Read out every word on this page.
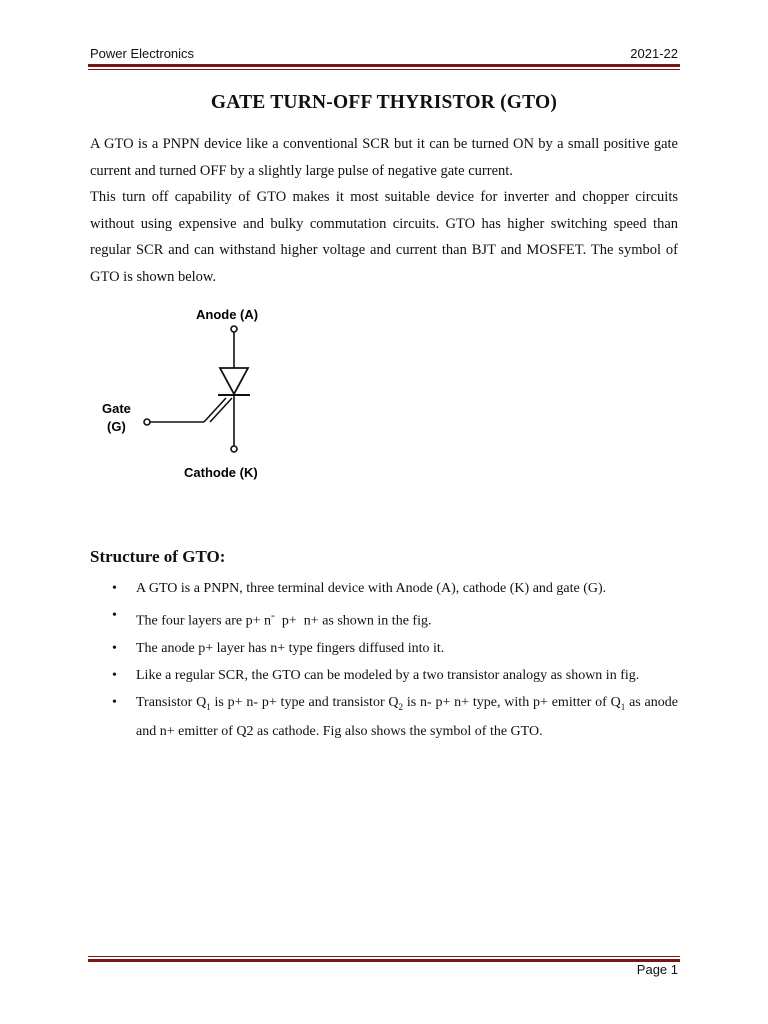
Power Electronics	2021-22
GATE TURN-OFF THYRISTOR (GTO)

A GTO is a PNPN device like a conventional SCR but it can be turned ON by a small positive gate current and turned OFF by a slightly large pulse of negative gate current.

This turn off capability of GTO makes it most suitable device for inverter and chopper circuits without using expensive and bulky commutation circuits. GTO has higher switching speed than regular SCR and can withstand higher voltage and current than BJT and MOSFET. The symbol of GTO is shown below.

Anode (A)
Gate
(G)
Cathode (K)
Structure of GTO:
• A GTO is a PNPN, three terminal device with Anode (A), cathode (K) and gate (G).
• The four layers are p+ n-  p+  n+ as shown in the fig.
• The anode p+ layer has n+ type fingers diffused into it.
• Like a regular SCR, the GTO can be modeled by a two transistor analogy as shown in fig.
• Transistor $Q_1$ is p+ n- p+ type and transistor $Q_2$ is n- p+ n+ type, with p+ emitter of $Q_1$ as anode and n+ emitter of Q2 as cathode. Fig also shows the symbol of the GTO.
Page 1
